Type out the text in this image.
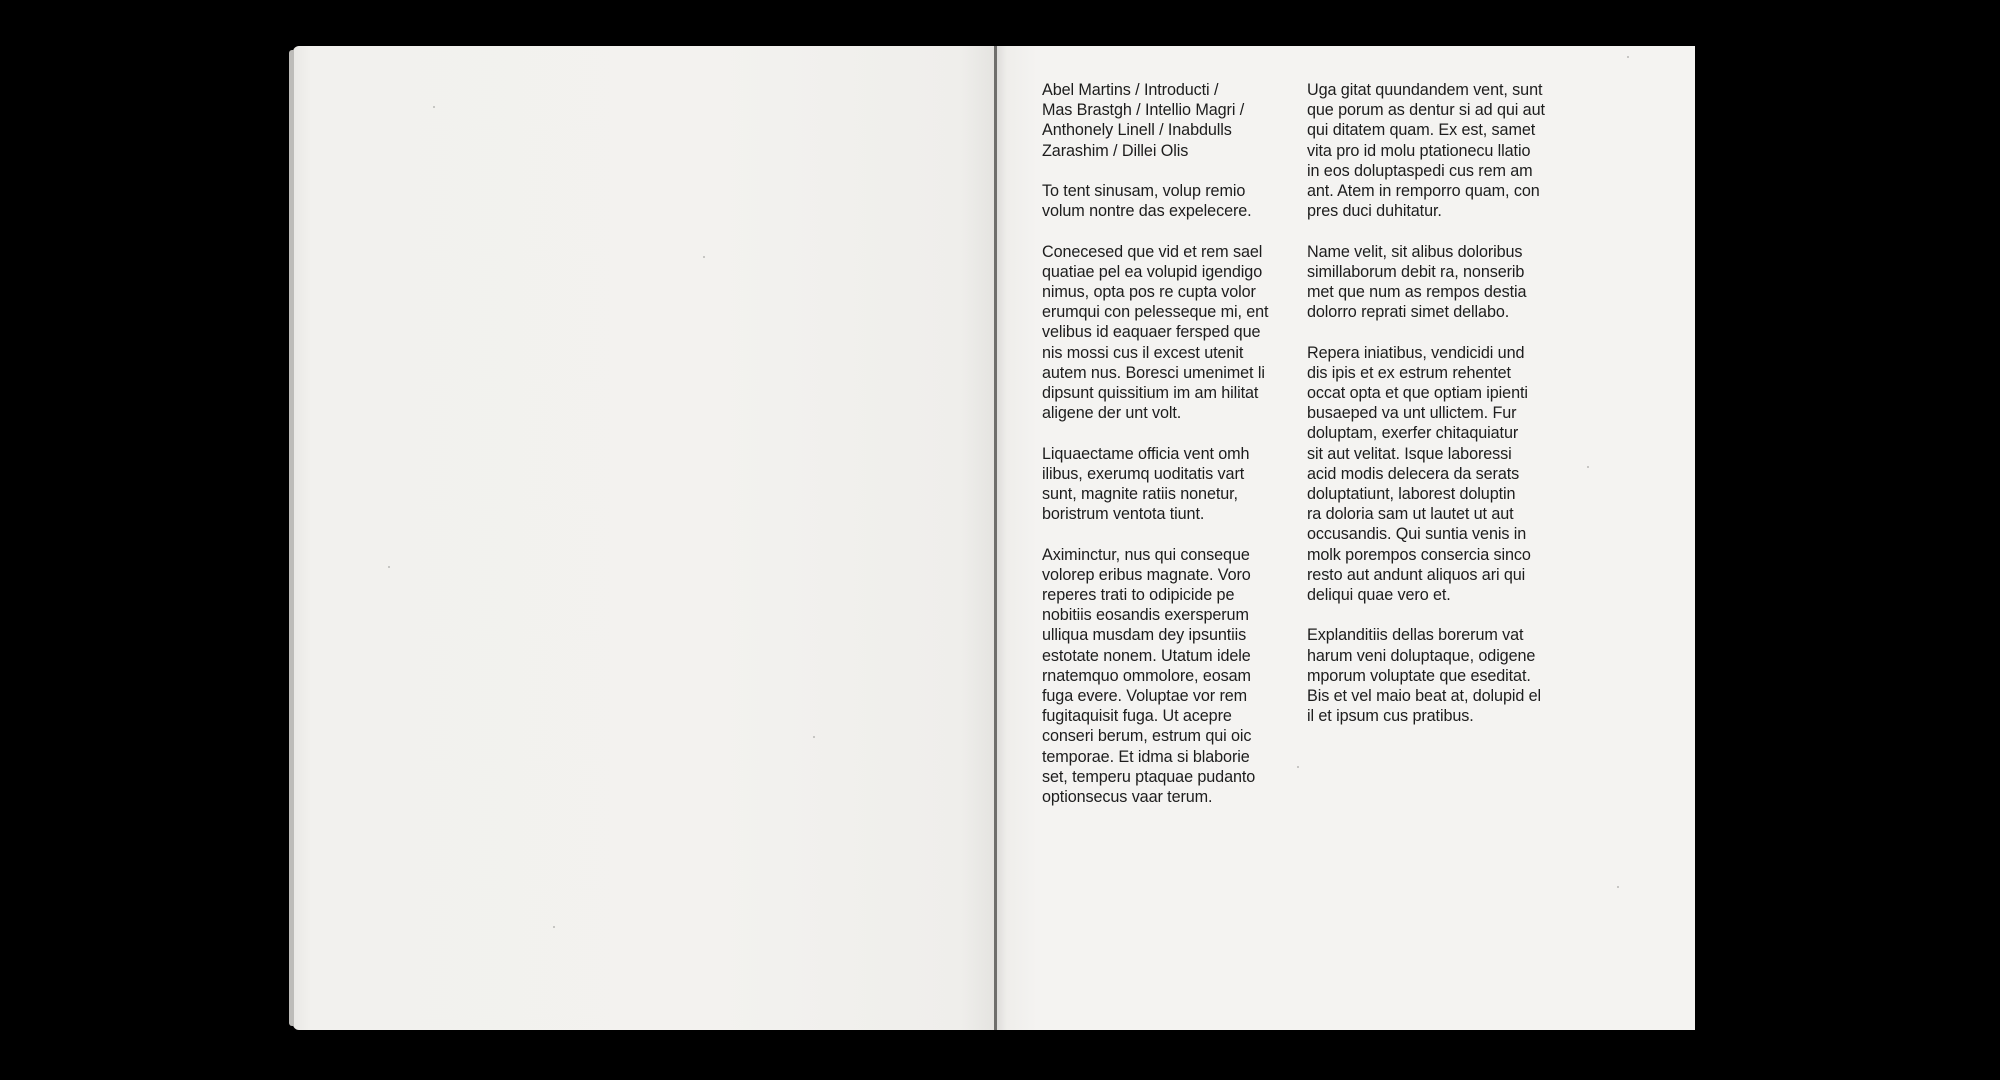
Abel Martins / Introducti /
Mas Brastgh / Intellio Magri /
Anthonely Linell / Inabdulls
Zarashim / Dillei Olis

To tent sinusam, volup remio
volum nontre das expelecere.

Conecesed que vid et rem sael
quatiae pel ea volupid igendigo
nimus, opta pos re cupta volor
erumqui con pelesseque mi, ent
velibus id eaquaer fersped que
nis mossi cus il excest utenit
autem nus. Boresci umenimet li
dipsunt quissitium im am hilitat
aligene der unt volt.

Liquaectame officia vent omh
ilibus, exerumq uoditatis vart
sunt, magnite ratiis nonetur,
boristrum ventota tiunt.

Aximinctur, nus qui conseque
volorep eribus magnate. Voro
reperes trati to odipicide pe
nobitiis eosandis exersperum
ulliqua musdam dey ipsuntiis
estotate nonem. Utatum idele
rnatemquo ommolore, eosam
fuga evere. Voluptae vor rem
fugitaquisit fuga. Ut acepre
conseri berum, estrum qui oic
temporae. Et idma si blaborie
set, temperu ptaquae pudanto
optionsecus vaar terum.

Uga gitat quundandem vent, sunt
que porum as dentur si ad qui aut
qui ditatem quam. Ex est, samet
vita pro id molu ptationecu llatio
in eos doluptaspedi cus rem am
ant. Atem in remporro quam, con
pres duci duhitatur.

Name velit, sit alibus doloribus
simillaborum debit ra, nonserib
met que num as rempos destia
dolorro reprati simet dellabo.

Repera iniatibus, vendicidi und
dis ipis et ex estrum rehentet
occat opta et que optiam ipienti
busaeped va unt ullictem. Fur
doluptam, exerfer chitaquiatur
sit aut velitat. Isque laboressi
acid modis delecera da serats
doluptatiunt, laborest doluptin
ra doloria sam ut lautet ut aut
occusandis. Qui suntia venis in
molk porempos consercia sinco
resto aut andunt aliquos ari qui
deliqui quae vero et.

Explanditiis dellas borerum vat
harum veni doluptaque, odigene
mporum voluptate que eseditat.
Bis et vel maio beat at, dolupid el
il et ipsum cus pratibus.
